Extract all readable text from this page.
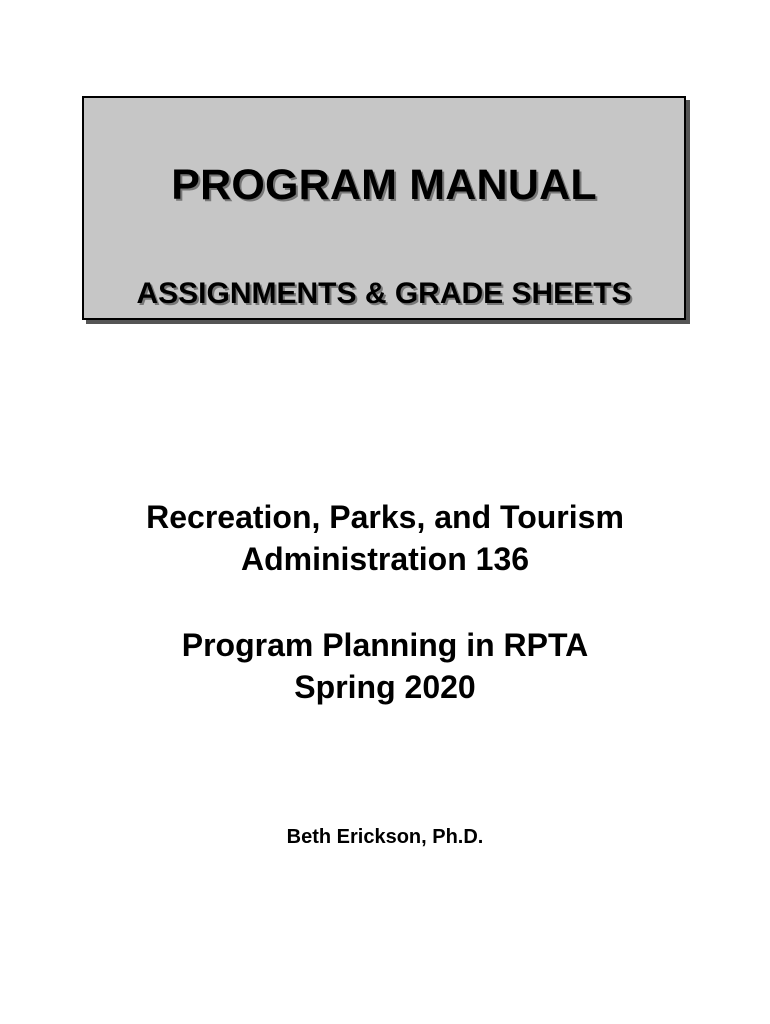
PROGRAM MANUAL
ASSIGNMENTS & GRADE SHEETS
Recreation, Parks, and Tourism
Administration 136
Program Planning in RPTA
Spring 2020
Beth Erickson, Ph.D.
